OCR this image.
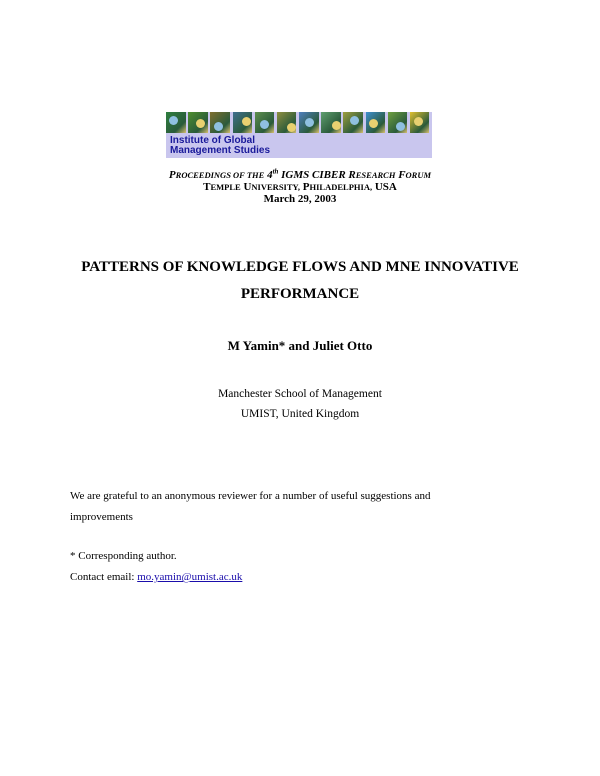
Institute of Global
Management Studies
PROCEEDINGS OF THE 4th IGMS CIBER RESEARCH FORUM
TEMPLE UNIVERSITY, PHILADELPHIA, USA
March 29, 2003
PATTERNS OF KNOWLEDGE FLOWS AND MNE INNOVATIVE
PERFORMANCE
M Yamin* and Juliet Otto
Manchester School of Management
UMIST, United Kingdom
We are grateful to an anonymous reviewer for a number of useful suggestions and
improvements
* Corresponding author.
Contact email: mo.yamin@umist.ac.uk
